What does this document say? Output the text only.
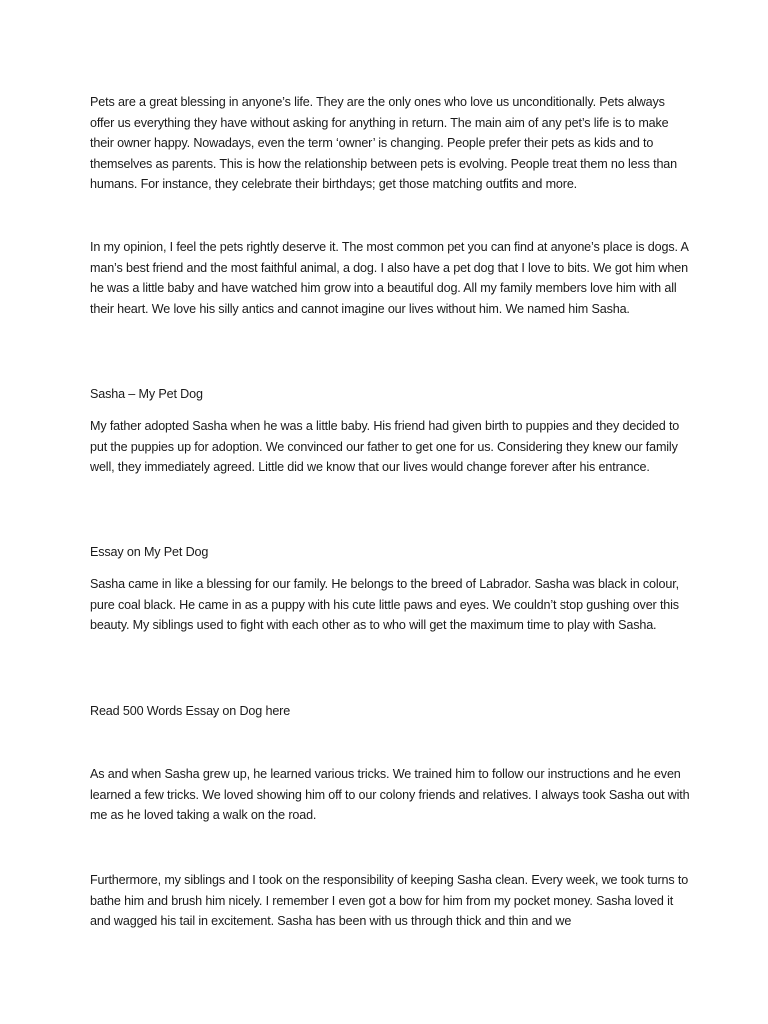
Pets are a great blessing in anyone’s life. They are the only ones who love us unconditionally. Pets always offer us everything they have without asking for anything in return. The main aim of any pet’s life is to make their owner happy. Nowadays, even the term ‘owner’ is changing. People prefer their pets as kids and to themselves as parents. This is how the relationship between pets is evolving. People treat them no less than humans. For instance, they celebrate their birthdays; get those matching outfits and more.

In my opinion, I feel the pets rightly deserve it. The most common pet you can find at anyone’s place is dogs. A man’s best friend and the most faithful animal, a dog. I also have a pet dog that I love to bits. We got him when he was a little baby and have watched him grow into a beautiful dog. All my family members love him with all their heart. We love his silly antics and cannot imagine our lives without him. We named him Sasha.

Sasha – My Pet Dog

My father adopted Sasha when he was a little baby. His friend had given birth to puppies and they decided to put the puppies up for adoption. We convinced our father to get one for us. Considering they knew our family well, they immediately agreed. Little did we know that our lives would change forever after his entrance.

Essay on My Pet Dog

Sasha came in like a blessing for our family. He belongs to the breed of Labrador. Sasha was black in colour, pure coal black. He came in as a puppy with his cute little paws and eyes. We couldn’t stop gushing over this beauty. My siblings used to fight with each other as to who will get the maximum time to play with Sasha.

Read 500 Words Essay on Dog here

As and when Sasha grew up, he learned various tricks. We trained him to follow our instructions and he even learned a few tricks. We loved showing him off to our colony friends and relatives. I always took Sasha out with me as he loved taking a walk on the road.

Furthermore, my siblings and I took on the responsibility of keeping Sasha clean. Every week, we took turns to bathe him and brush him nicely. I remember I even got a bow for him from my pocket money. Sasha loved it and wagged his tail in excitement. Sasha has been with us through thick and thin and we
